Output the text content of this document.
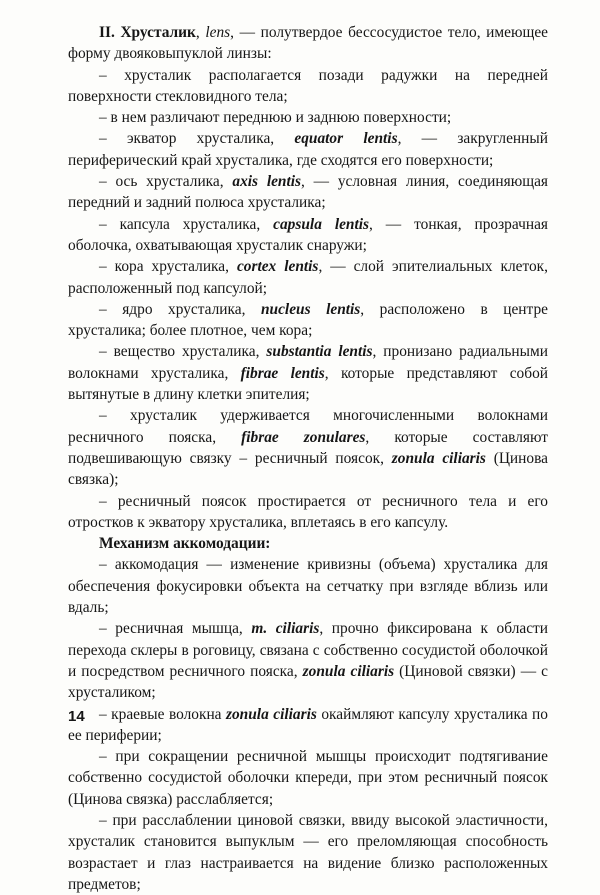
II. Хрусталик, lens, — полутвердое бессосудистое тело, имеющее форму двояковыпуклой линзы:

– хрусталик располагается позади радужки на передней поверхности стекловидного тела;

– в нем различают переднюю и заднюю поверхности;

– экватор хрусталика, equator lentis, — закругленный периферический край хрусталика, где сходятся его поверхности;

– ось хрусталика, axis lentis, — условная линия, соединяющая передний и задний полюса хрусталика;

– капсула хрусталика, capsula lentis, — тонкая, прозрачная оболочка, охватывающая хрусталик снаружи;

– кора хрусталика, cortex lentis, — слой эпителиальных клеток, расположенный под капсулой;

– ядро хрусталика, nucleus lentis, расположено в центре хрусталика; более плотное, чем кора;

– вещество хрусталика, substantia lentis, пронизано радиальными волокнами хрусталика, fibrae lentis, которые представляют собой вытянутые в длину клетки эпителия;

– хрусталик удерживается многочисленными волокнами ресничного пояска, fibrae zonulares, которые составляют подвешивающую связку – ресничный поясок, zonula ciliaris (Цинова связка);

– ресничный поясок простирается от ресничного тела и его отростков к экватору хрусталика, вплетаясь в его капсулу.

Механизм аккомодации:

– аккомодация — изменение кривизны (объема) хрусталика для обеспечения фокусировки объекта на сетчатку при взгляде вблизь или вдаль;

– ресничная мышца, m. ciliaris, прочно фиксирована к области перехода склеры в роговицу, связана с собственно сосудистой оболочкой и посредством ресничного пояска, zonula ciliaris (Циновой связки) — с хрусталиком;

– краевые волокна zonula ciliaris окаймляют капсулу хрусталика по ее периферии;

– при сокращении ресничной мышцы происходит подтягивание собственно сосудистой оболочки кпереди, при этом ресничный поясок (Цинова связка) расслабляется;

– при расслаблении циновой связки, ввиду высокой эластичности, хрусталик становится выпуклым — его преломляющая способность возрастает и глаз настраивается на видение близко расположенных предметов;

14
